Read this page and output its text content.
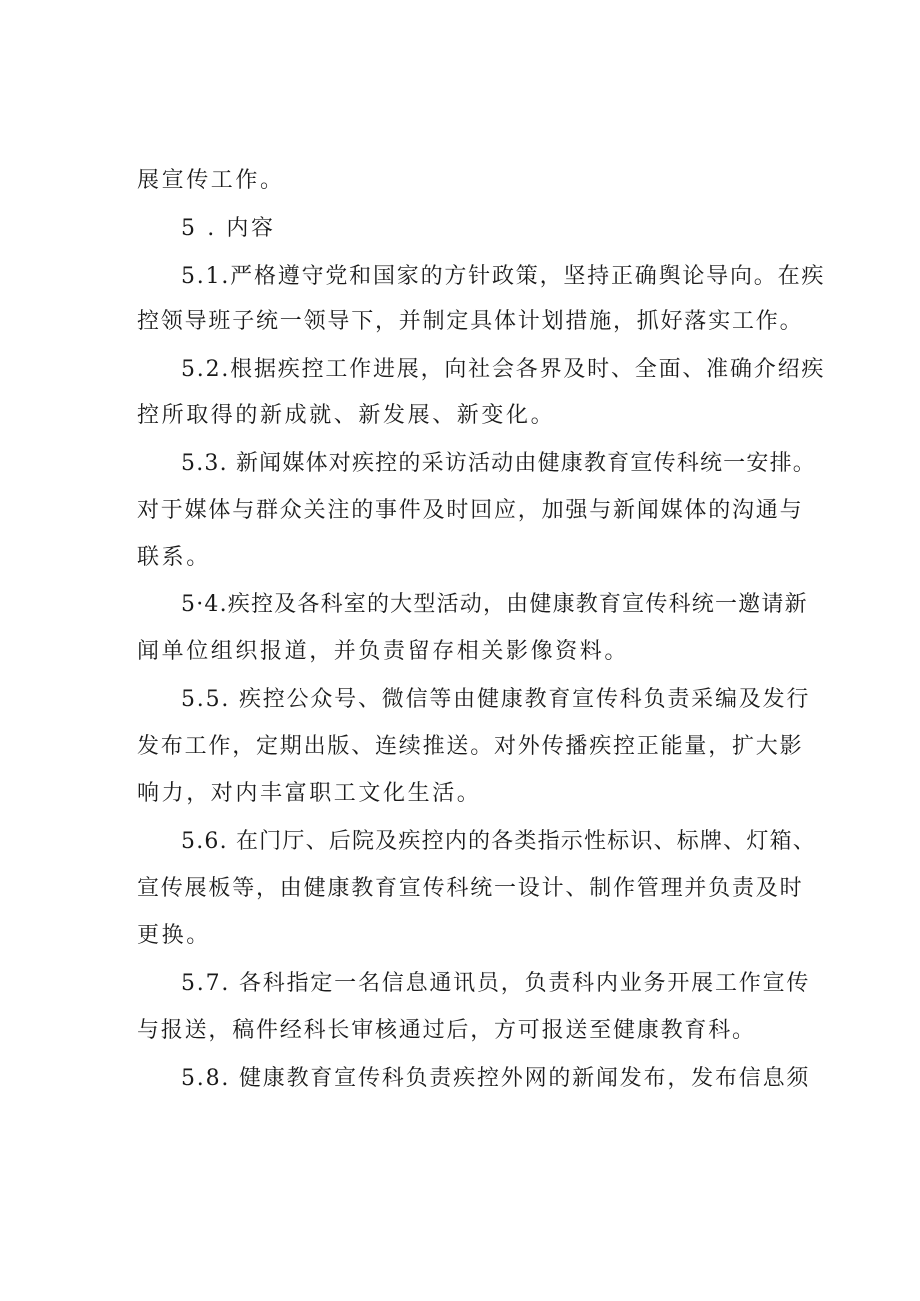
展宣传工作。
5 . 内容
5.1.严格遵守党和国家的方针政策，坚持正确舆论导向。在疾
控领导班子统一领导下，并制定具体计划措施，抓好落实工作。
5.2.根据疾控工作进展，向社会各界及时、全面、准确介绍疾
控所取得的新成就、新发展、新变化。
5.3. 新闻媒体对疾控的采访活动由健康教育宣传科统一安排。
对于媒体与群众关注的事件及时回应，加强与新闻媒体的沟通与
联系。
5·4.疾控及各科室的大型活动，由健康教育宣传科统一邀请新
闻单位组织报道，并负责留存相关影像资料。
5.5. 疾控公众号、微信等由健康教育宣传科负责采编及发行
发布工作，定期出版、连续推送。对外传播疾控正能量，扩大影
响力，对内丰富职工文化生活。
5.6. 在门厅、后院及疾控内的各类指示性标识、标牌、灯箱、
宣传展板等，由健康教育宣传科统一设计、制作管理并负责及时
更换。
5.7. 各科指定一名信息通讯员，负责科内业务开展工作宣传
与报送，稿件经科长审核通过后，方可报送至健康教育科。
5.8. 健康教育宣传科负责疾控外网的新闻发布，发布信息须
